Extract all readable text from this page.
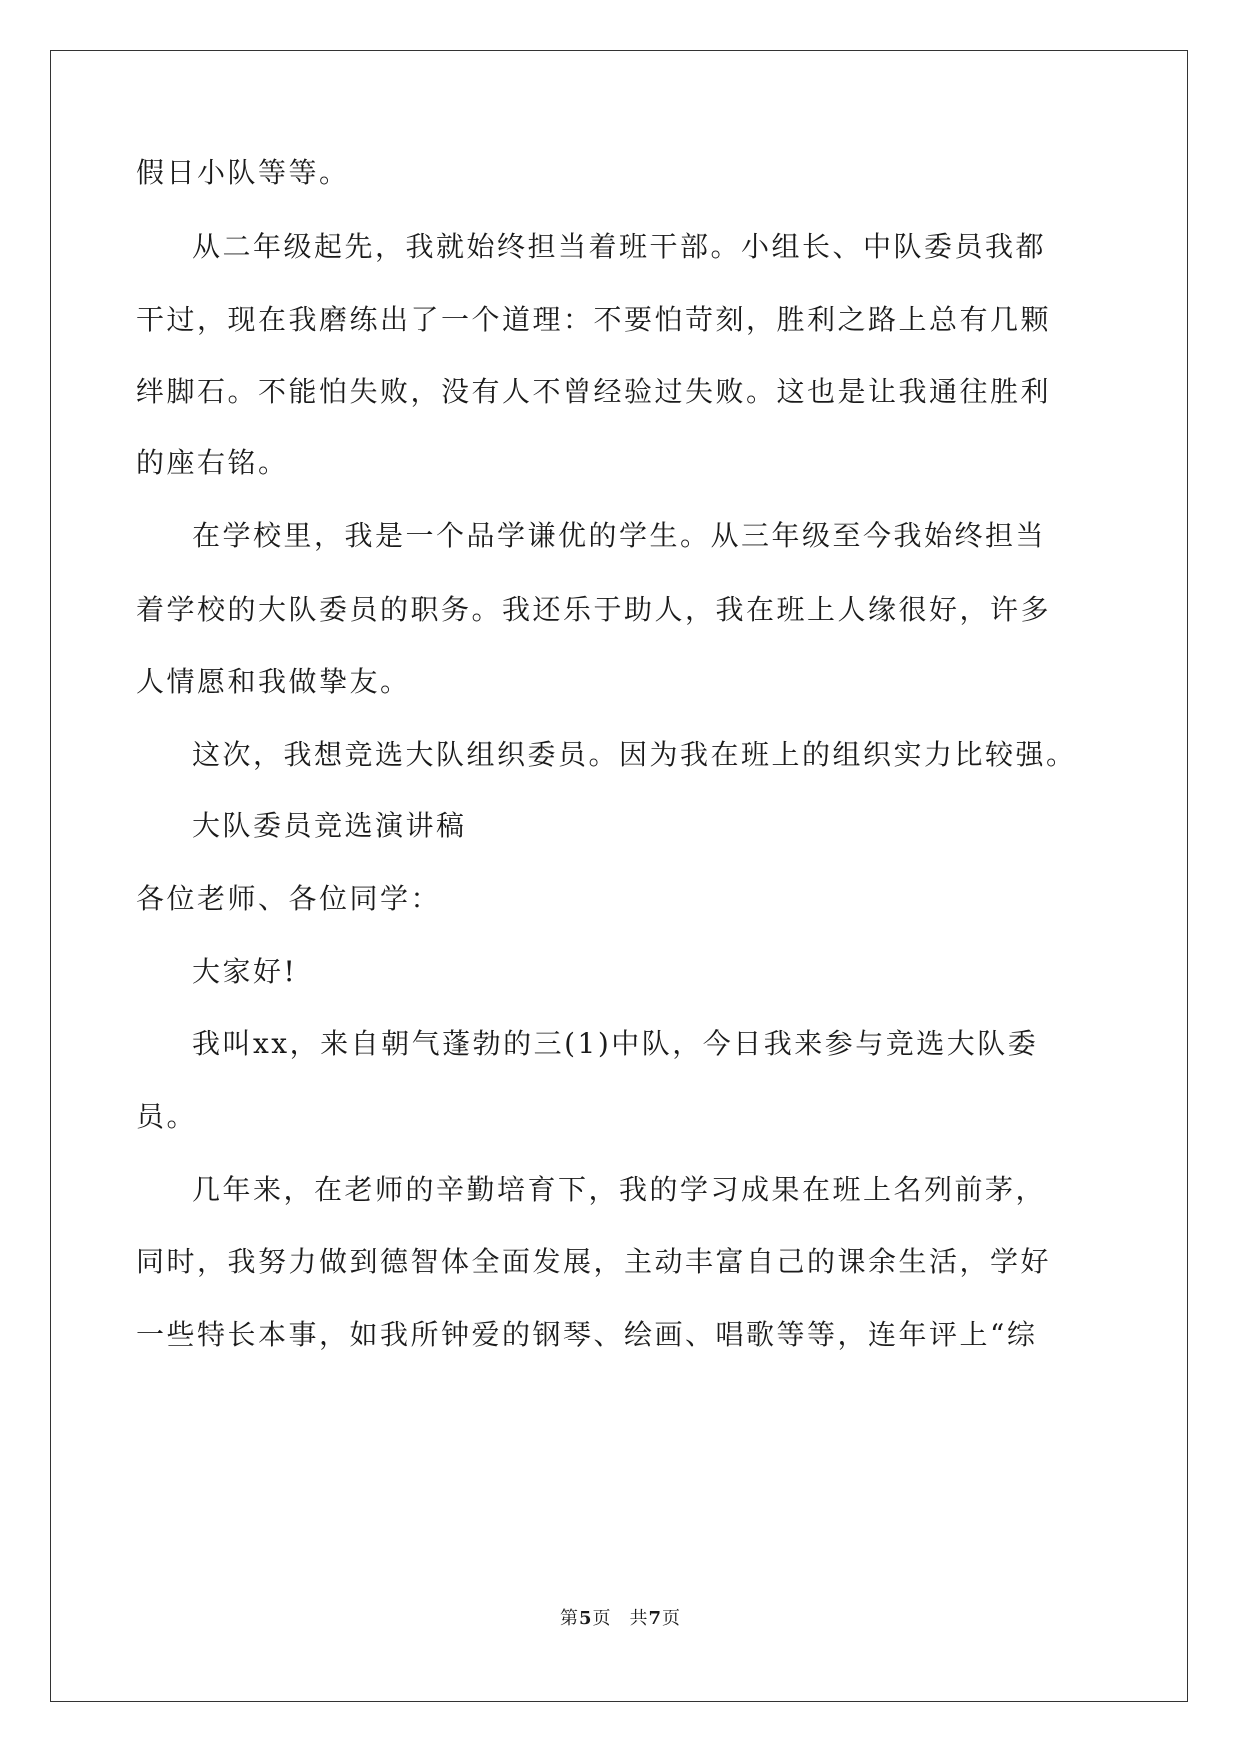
假日小队等等。
从二年级起先，我就始终担当着班干部。小组长、中队委员我都
干过，现在我磨练出了一个道理：不要怕苛刻，胜利之路上总有几颗
绊脚石。不能怕失败，没有人不曾经验过失败。这也是让我通往胜利
的座右铭。
在学校里，我是一个品学谦优的学生。从三年级至今我始终担当
着学校的大队委员的职务。我还乐于助人，我在班上人缘很好，许多
人情愿和我做挚友。
这次，我想竞选大队组织委员。因为我在班上的组织实力比较强。
大队委员竞选演讲稿
各位老师、各位同学：
大家好!
我叫xx，来自朝气蓬勃的三(1)中队，今日我来参与竞选大队委
员。
几年来，在老师的辛勤培育下，我的学习成果在班上名列前茅，
同时，我努力做到德智体全面发展，主动丰富自己的课余生活，学好
一些特长本事，如我所钟爱的钢琴、绘画、唱歌等等，连年评上“综
第5页 共7页
